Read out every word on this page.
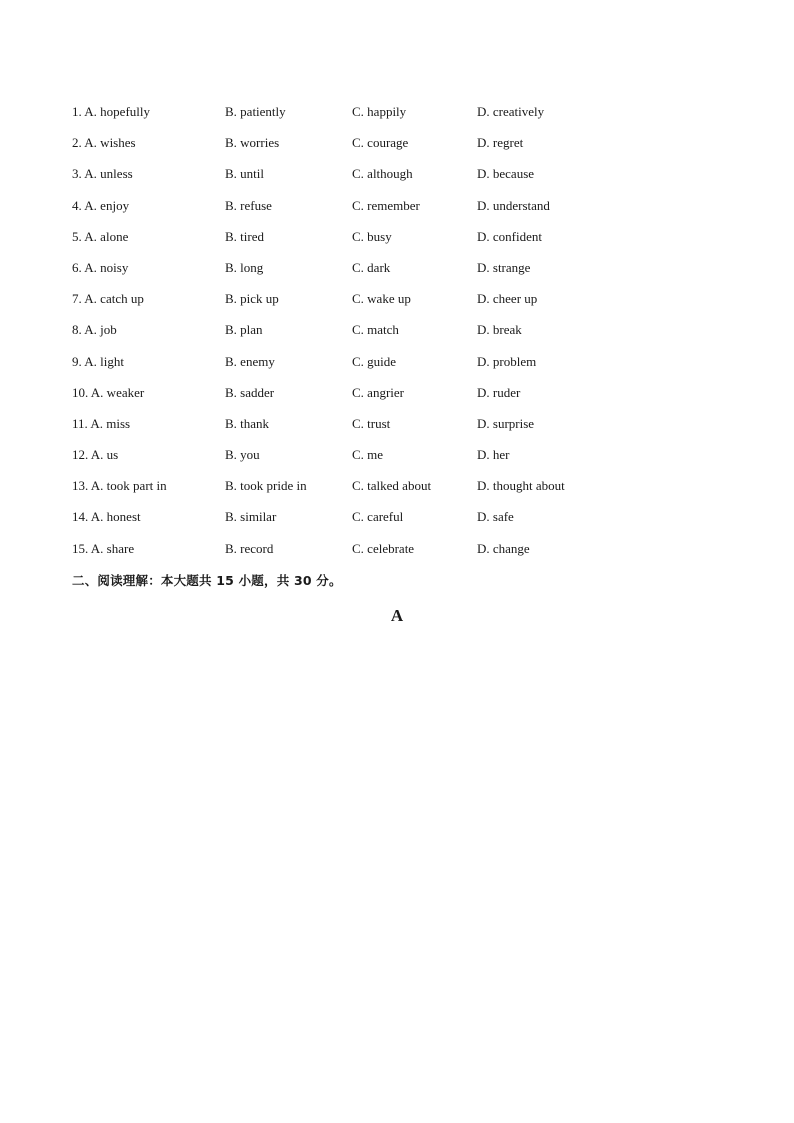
1. A. hopefully	B. patiently	C. happily	D. creatively
2. A. wishes	B. worries	C. courage	D. regret
3. A. unless	B. until	C. although	D. because
4. A. enjoy	B. refuse	C. remember	D. understand
5. A. alone	B. tired	C. busy	D. confident
6. A. noisy	B. long	C. dark	D. strange
7. A. catch up	B. pick up	C. wake up	D. cheer up
8. A. job	B. plan	C. match	D. break
9. A. light	B. enemy	C. guide	D. problem
10. A. weaker	B. sadder	C. angrier	D. ruder
11. A. miss	B. thank	C. trust	D. surprise
12. A. us	B. you	C. me	D. her
13. A. took part in	B. took pride in	C. talked about	D. thought about
14. A. honest	B. similar	C. careful	D. safe
15. A. share	B. record	C. celebrate	D. change
二、阅读理解：本大题共 15 小题，共 30 分。
A
